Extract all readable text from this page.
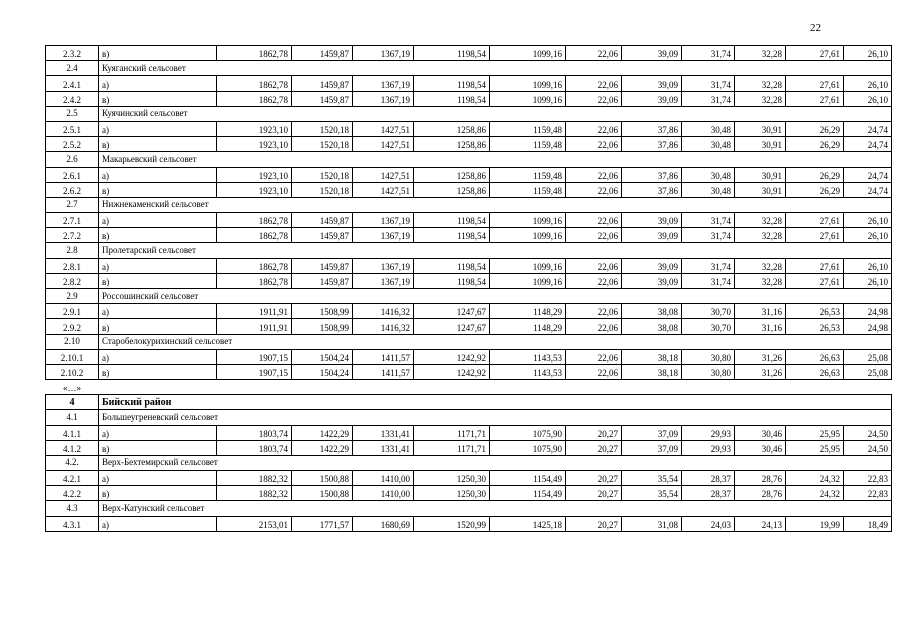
22
2.3.2	в)	1862,78	1459,87	1367,19	1198,54	1099,16	22,06	39,09	31,74	32,28	27,61	26,10
2.4	Куяганский сельсовет											
2.4.1	а)	1862,78	1459,87	1367,19	1198,54	1099,16	22,06	39,09	31,74	32,28	27,61	26,10
2.4.2	в)	1862,78	1459,87	1367,19	1198,54	1099,16	22,06	39,09	31,74	32,28	27,61	26,10
2.5	Куячинский сельсовет											
2.5.1	а)	1923,10	1520,18	1427,51	1258,86	1159,48	22,06	37,86	30,48	30,91	26,29	24,74
2.5.2	в)	1923,10	1520,18	1427,51	1258,86	1159,48	22,06	37,86	30,48	30,91	26,29	24,74
2.6	Макарьевский сельсовет											
2.6.1	а)	1923,10	1520,18	1427,51	1258,86	1159,48	22,06	37,86	30,48	30,91	26,29	24,74
2.6.2	в)	1923,10	1520,18	1427,51	1258,86	1159,48	22,06	37,86	30,48	30,91	26,29	24,74
2.7	Нижнекаменский сельсовет											
2.7.1	а)	1862,78	1459,87	1367,19	1198,54	1099,16	22,06	39,09	31,74	32,28	27,61	26,10
2.7.2	в)	1862,78	1459,87	1367,19	1198,54	1099,16	22,06	39,09	31,74	32,28	27,61	26,10
2.8	Пролетарский сельсовет											
2.8.1	а)	1862,78	1459,87	1367,19	1198,54	1099,16	22,06	39,09	31,74	32,28	27,61	26,10
2.8.2	в)	1862,78	1459,87	1367,19	1198,54	1099,16	22,06	39,09	31,74	32,28	27,61	26,10
2.9	Россошинский сельсовет											
2.9.1	а)	1911,91	1508,99	1416,32	1247,67	1148,29	22,06	38,08	30,70	31,16	26,53	24,98
2.9.2	в)	1911,91	1508,99	1416,32	1247,67	1148,29	22,06	38,08	30,70	31,16	26,53	24,98
2.10	Старобелокурихинский сельсовет											
2.10.1	а)	1907,15	1504,24	1411,57	1242,92	1143,53	22,06	38,18	30,80	31,26	26,63	25,08
2.10.2	в)	1907,15	1504,24	1411,57	1242,92	1143,53	22,06	38,18	30,80	31,26	26,63	25,08
«…»												
4	Бийский район											
4.1	Большеугреневский сельсовет											
4.1.1	а)	1803,74	1422,29	1331,41	1171,71	1075,90	20,27	37,09	29,93	30,46	25,95	24,50
4.1.2	в)	1803,74	1422,29	1331,41	1171,71	1075,90	20,27	37,09	29,93	30,46	25,95	24,50
4.2.	Верх-Бехтемирский сельсовет											
4.2.1	а)	1882,32	1500,88	1410,00	1250,30	1154,49	20,27	35,54	28,37	28,76	24,32	22,83
4.2.2	в)	1882,32	1500,88	1410,00	1250,30	1154,49	20,27	35,54	28,37	28,76	24,32	22,83
4.3	Верх-Катунский сельсовет											
4.3.1	а)	2153,01	1771,57	1680,69	1520,99	1425,18	20,27	31,08	24,03	24,13	19,99	18,49
